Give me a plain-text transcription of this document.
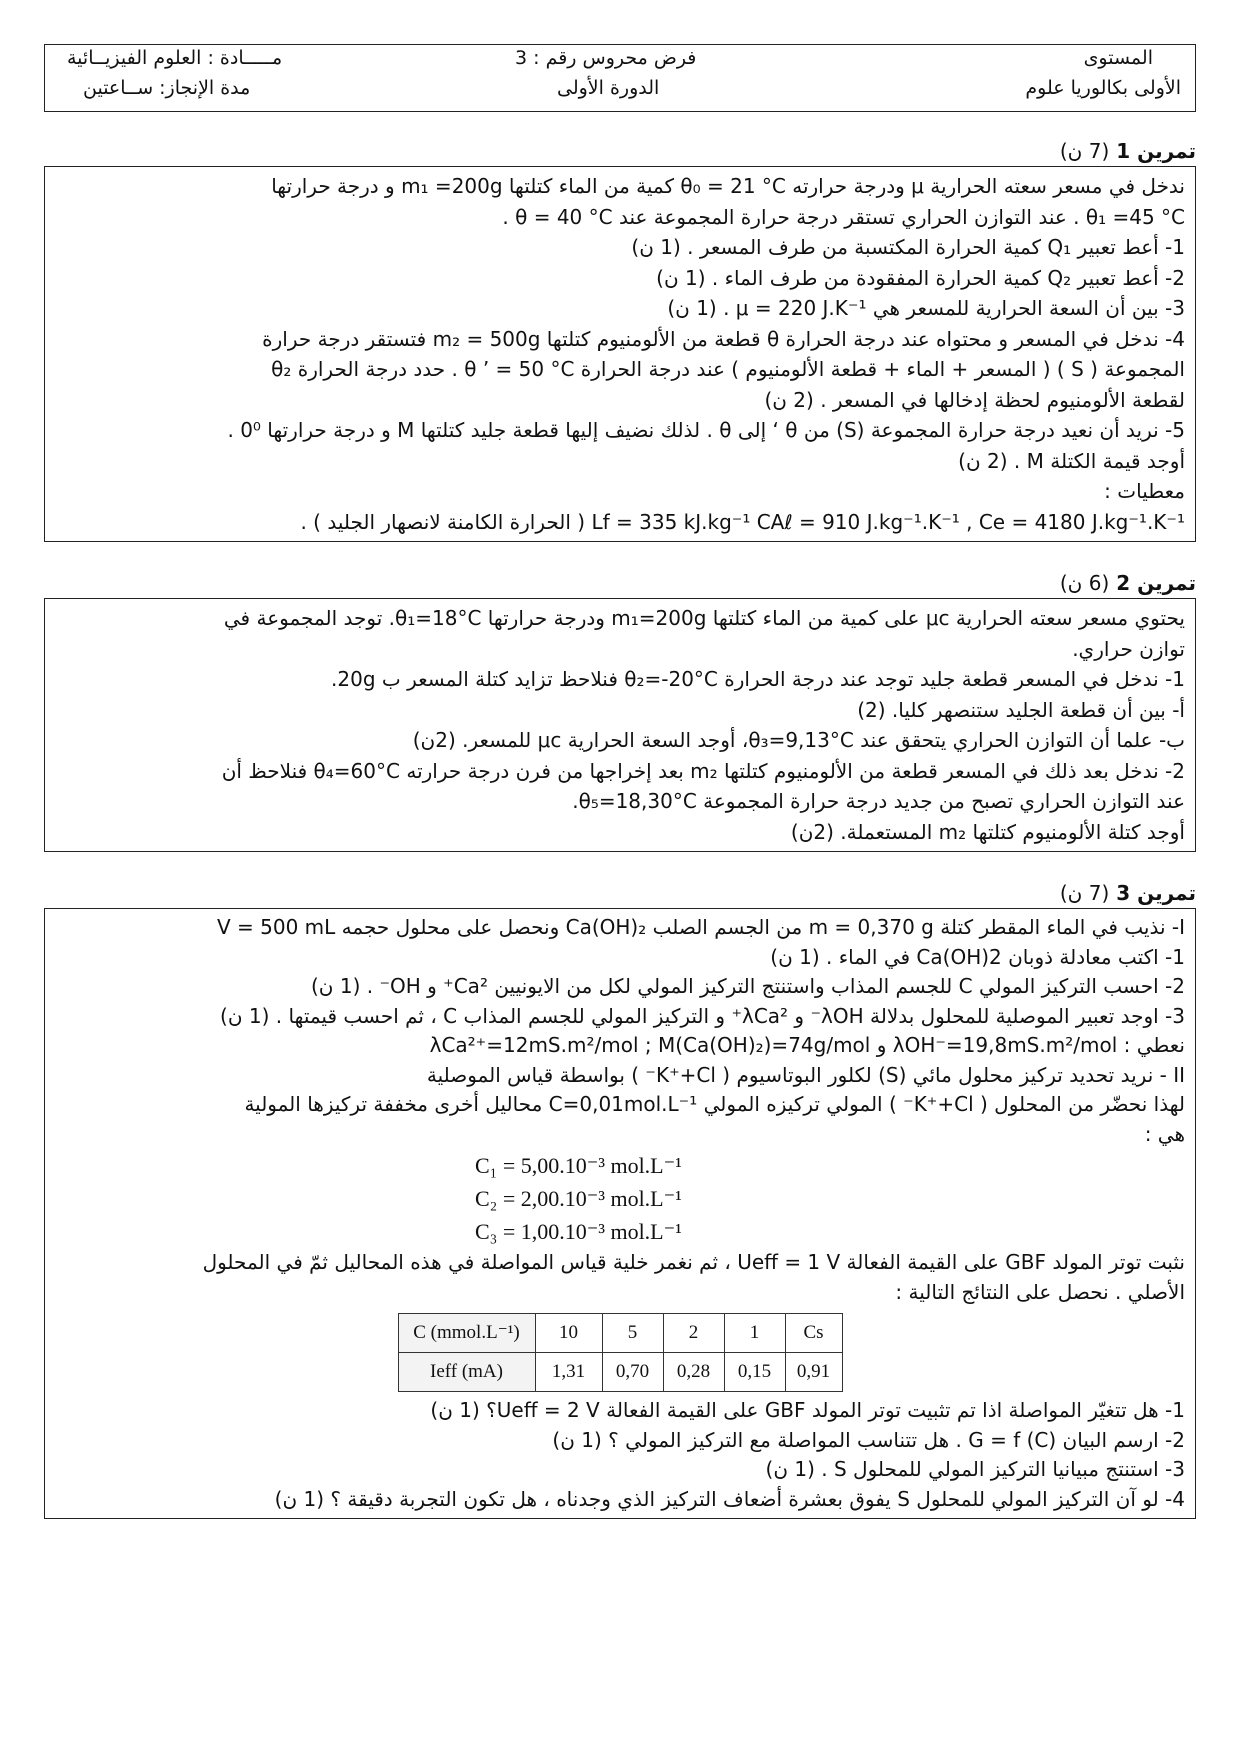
المستوى
الأولى بكالوريا علوم
فرض محروس رقم : 3
الدورة الأولى
مـــــادة : العلوم الفيزيــائية
مدة الإنجاز: ســاعتين
تمرين 1 (7 ن)
ندخل في مسعر سعته الحرارية μ ودرجة حرارته θ₀ = 21 °C كمية من الماء كتلتها m₁ =200g و درجة حرارتها
θ₁ =45 °C . عند التوازن الحراري تستقر درجة حرارة المجموعة عند θ = 40 °C .
1- أعط تعبير Q₁ كمية الحرارة المكتسبة من طرف المسعر . (1 ن)
2- أعط تعبير Q₂ كمية الحرارة المفقودة من طرف الماء . (1 ن)
3- بين أن السعة الحرارية للمسعر هي μ = 220 J.K⁻¹ . (1 ن)
4- ندخل في المسعر و محتواه عند درجة الحرارة θ قطعة من الألومنيوم كتلتها m₂ = 500g فتستقر درجة حرارة
المجموعة ( S ) ( المسعر + الماء + قطعة الألومنيوم ) عند درجة الحرارة θ ’ = 50 °C . حدد درجة الحرارة θ₂
لقطعة الألومنيوم لحظة إدخالها في المسعر . (2 ن)
5- نريد أن نعيد درجة حرارة المجموعة (S) من θ ‘ إلى θ . لذلك نضيف إليها قطعة جليد كتلتها M و درجة حرارتها 0⁰ .
أوجد قيمة الكتلة M . (2 ن)
معطيات :
Lf = 335 kJ.kg⁻¹ CAℓ = 910 J.kg⁻¹.K⁻¹ , Ce = 4180 J.kg⁻¹.K⁻¹ ( الحرارة الكامنة لانصهار الجليد ) .
تمرين 2 (6 ن)
يحتوي مسعر سعته الحرارية μc على كمية من الماء كتلتها m₁=200g ودرجة حرارتها θ₁=18°C. توجد المجموعة في
توازن حراري.
1- ندخل في المسعر قطعة جليد توجد عند درجة الحرارة θ₂=-20°C فنلاحظ تزايد كتلة المسعر ب 20g.
أ- بين أن قطعة الجليد ستنصهر كليا. (2)
ب- علما أن التوازن الحراري يتحقق عند θ₃=9,13°C، أوجد السعة الحرارية μc للمسعر. (2ن)
2- ندخل بعد ذلك في المسعر قطعة من الألومنيوم كتلتها m₂ بعد إخراجها من فرن درجة حرارته θ₄=60°C فنلاحظ أن
عند التوازن الحراري تصبح من جديد درجة حرارة المجموعة θ₅=18,30°C.
أوجد كتلة الألومنيوم كتلتها m₂ المستعملة. (2ن)
تمرين 3 (7 ن)
I- نذيب في الماء المقطر كتلة m = 0,370 g من الجسم الصلب Ca(OH)₂ ونحصل على محلول حجمه V = 500 mL
1- اكتب معادلة ذوبان Ca(OH)2 في الماء . (1 ن)
2- احسب التركيز المولي C للجسم المذاب واستنتج التركيز المولي لكل من الايونيين Ca²⁺ و OH⁻ . (1 ن)
3- اوجد تعبير الموصلية للمحلول بدلالة λOH⁻ و λCa²⁺ و التركيز المولي للجسم المذاب C ، ثم احسب قيمتها . (1 ن)
نعطي : λOH⁻=19,8mS.m²/mol و λCa²⁺=12mS.m²/mol ; M(Ca(OH)₂)=74g/mol
II - نريد تحديد تركيز محلول مائي (S) لكلور البوتاسيوم ( K⁺+Cl⁻ ) بواسطة قياس الموصلية
لهذا نحضّر من المحلول ( K⁺+Cl⁻ ) المولي تركيزه المولي C=0,01mol.L⁻¹ محاليل أخرى مخففة تركيزها المولية
هي :
C₁ = 5,00.10⁻³ mol.L⁻¹
C₂ = 2,00.10⁻³ mol.L⁻¹
C₃ = 1,00.10⁻³ mol.L⁻¹
نثبت توتر المولد GBF على القيمة الفعالة Ueff = 1 V ، ثم نغمر خلية قياس المواصلة في هذه المحاليل ثمّ في المحلول
الأصلي . نحصل على النتائج التالية :
C (mmol.L⁻¹)	10	5	2	1	Cs
Ieff (mA)	1,31	0,70	0,28	0,15	0,91
1- هل تتغيّر المواصلة اذا تم تثبيت توتر المولد GBF على القيمة الفعالة Ueff = 2 V؟ (1 ن)
2- ارسم البيان G = f (C) . هل تتناسب المواصلة مع التركيز المولي ؟ (1 ن)
3- استنتج مبيانيا التركيز المولي للمحلول S . (1 ن)
4- لو آن التركيز المولي للمحلول S يفوق بعشرة أضعاف التركيز الذي وجدناه ، هل تكون التجربة دقيقة ؟ (1 ن)
